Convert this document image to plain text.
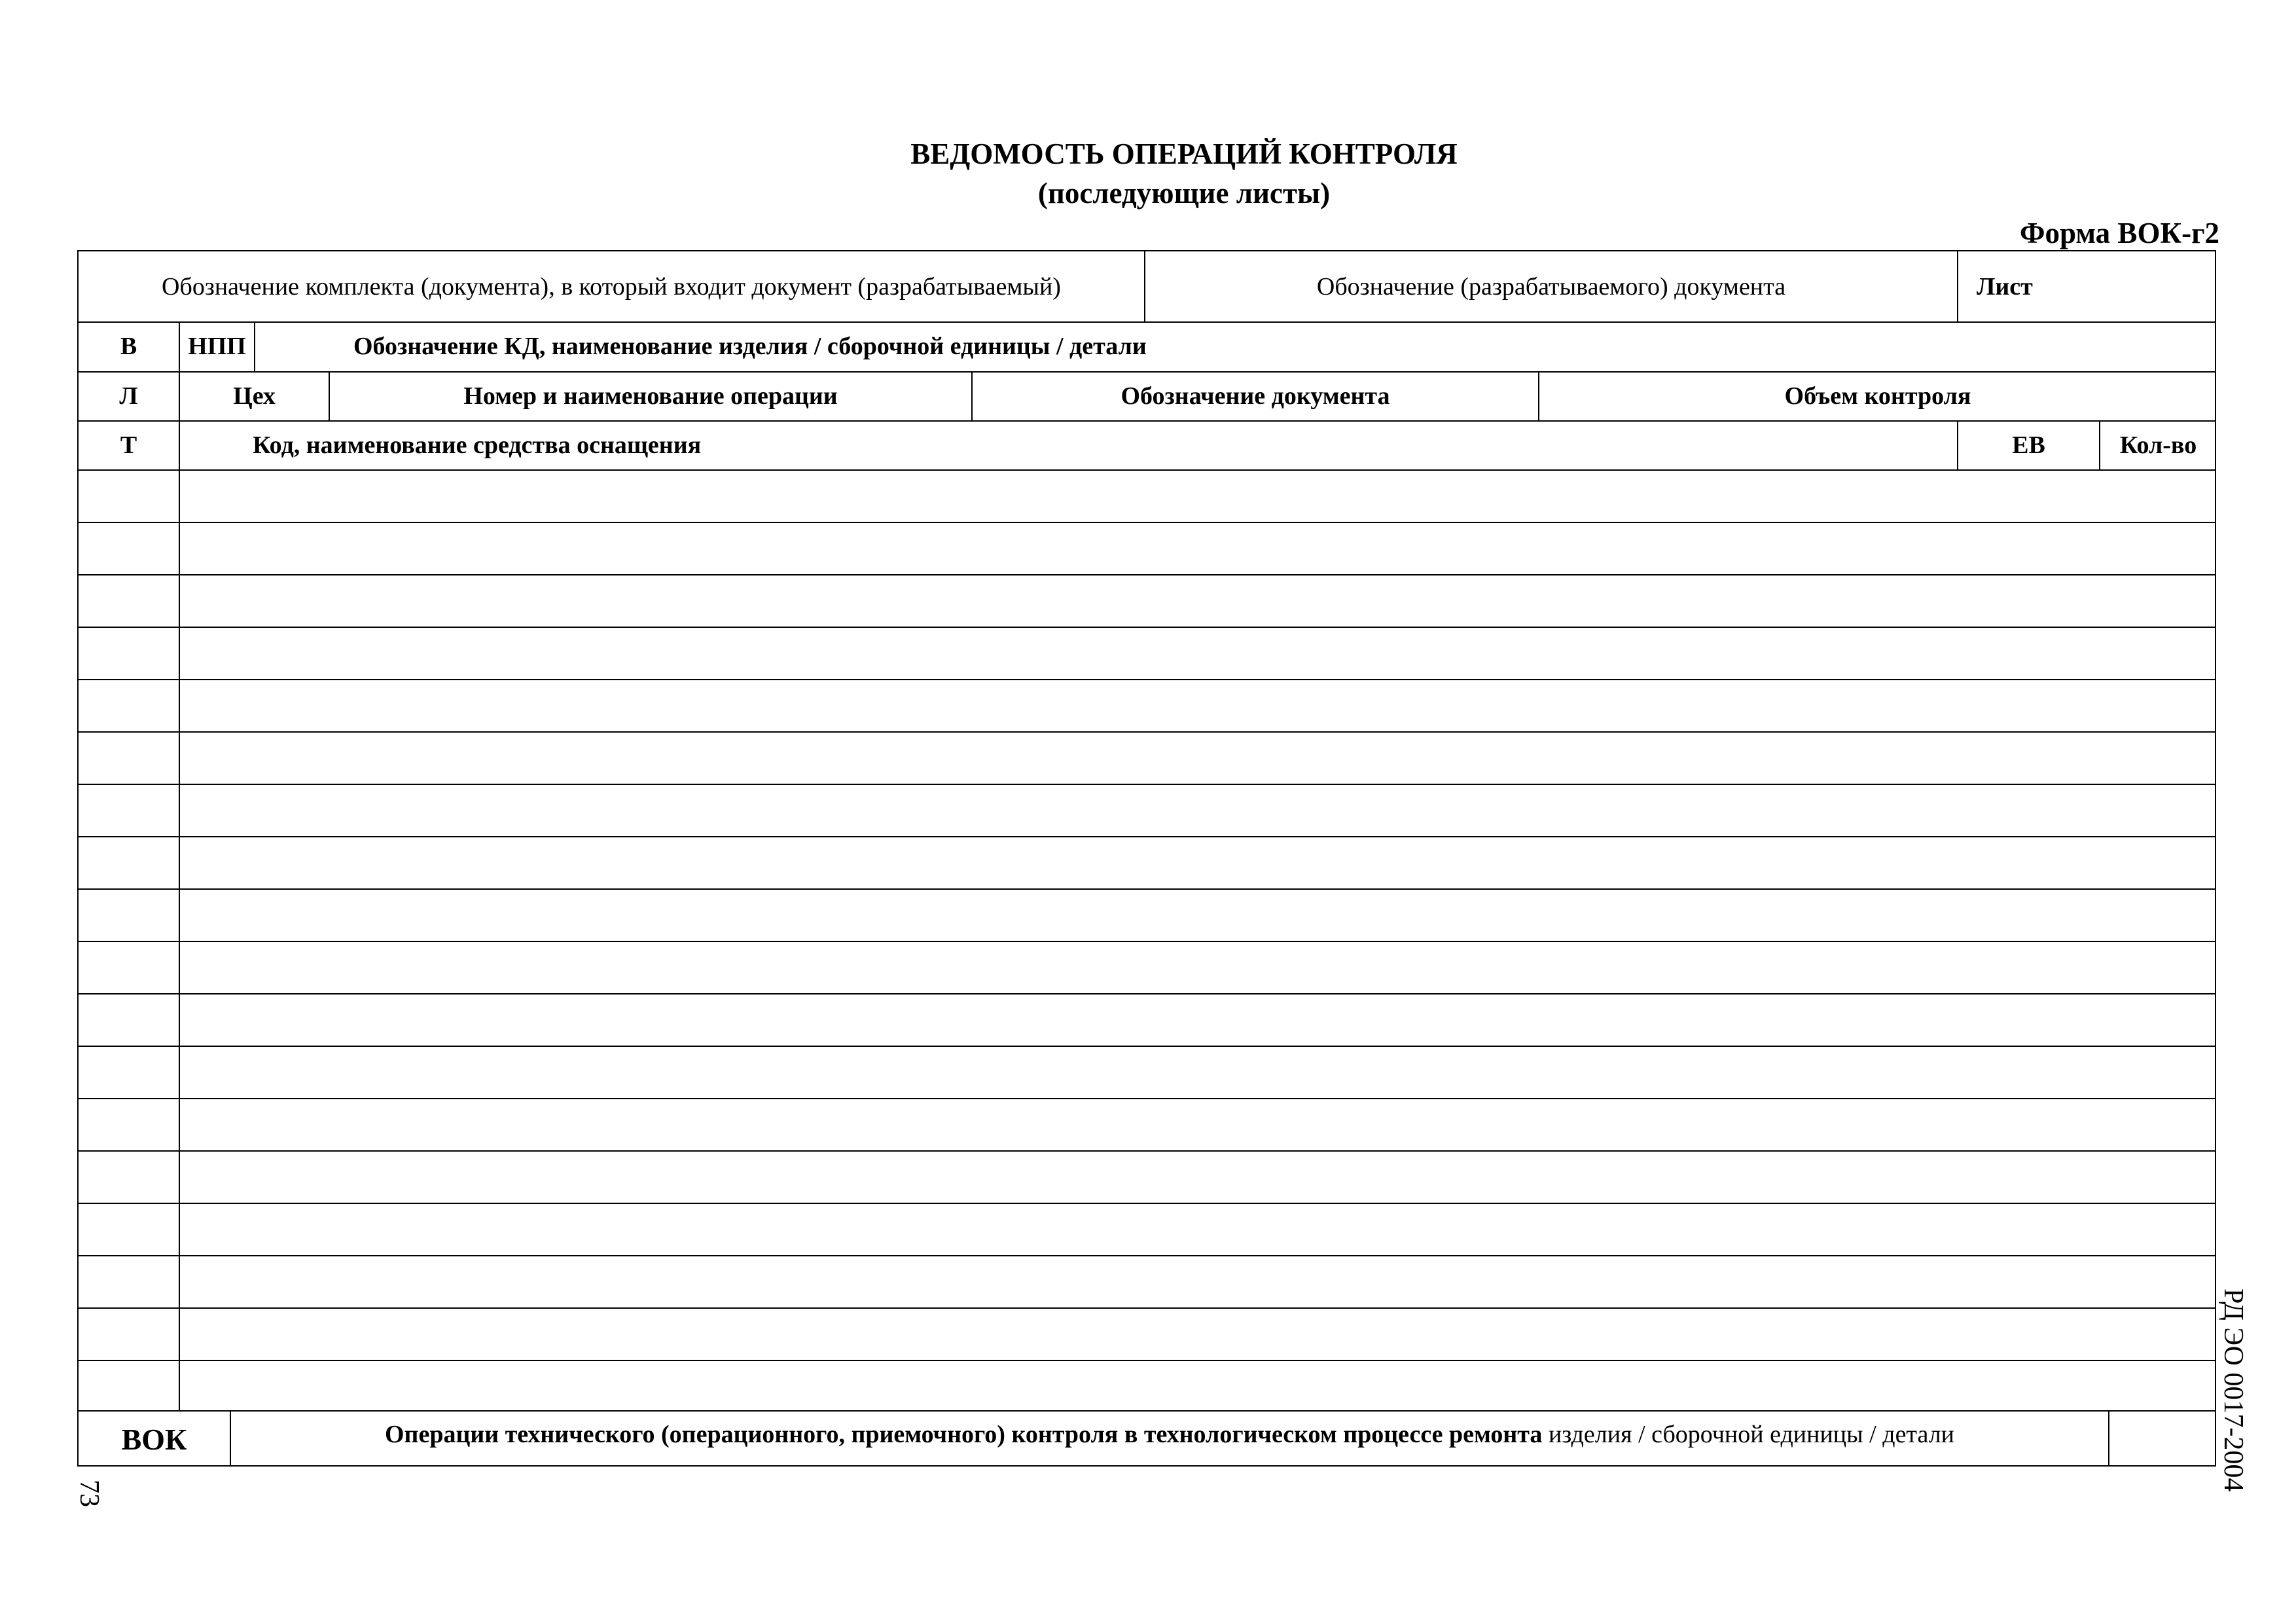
ВЕДОМОСТЬ ОПЕРАЦИЙ КОНТРОЛЯ
(последующие листы)
Форма ВОК-г2
Обозначение комплекта (документа), в который входит документ (разрабатываемый)	Обозначение (разрабатываемого) документа	Лист
В	НПП	Обозначение КД, наименование изделия / сборочной единицы / детали
Л	Цех	Номер и наименование операции	Обозначение документа	Объем контроля
Т	Код, наименование средства оснащения	ЕВ	Кол-во
ВОК	Операции технического (операционного, приемочного) контроля в технологическом процессе ремонта изделия / сборочной единицы / детали	РД ЭО 0017-2004
73
